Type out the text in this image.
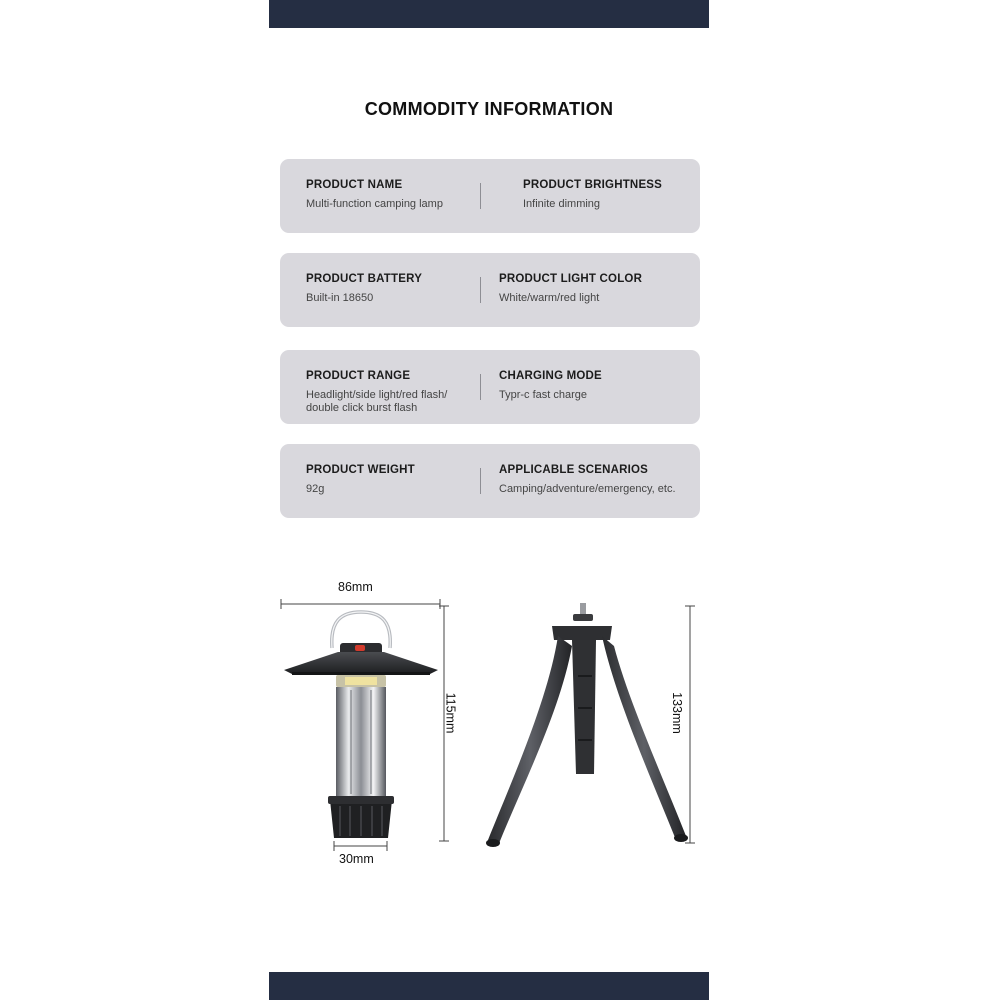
COMMODITY INFORMATION
PRODUCT NAME
Multi-function camping lamp
PRODUCT BRIGHTNESS
Infinite dimming
PRODUCT BATTERY
Built-in 18650
PRODUCT LIGHT COLOR
White/warm/red light
PRODUCT RANGE
Headlight/side light/red flash/
double click burst flash
CHARGING MODE
Typr-c fast charge
PRODUCT WEIGHT
92g
APPLICABLE SCENARIOS
Camping/adventure/emergency, etc.
86mm
30mm
115mm	133mm
